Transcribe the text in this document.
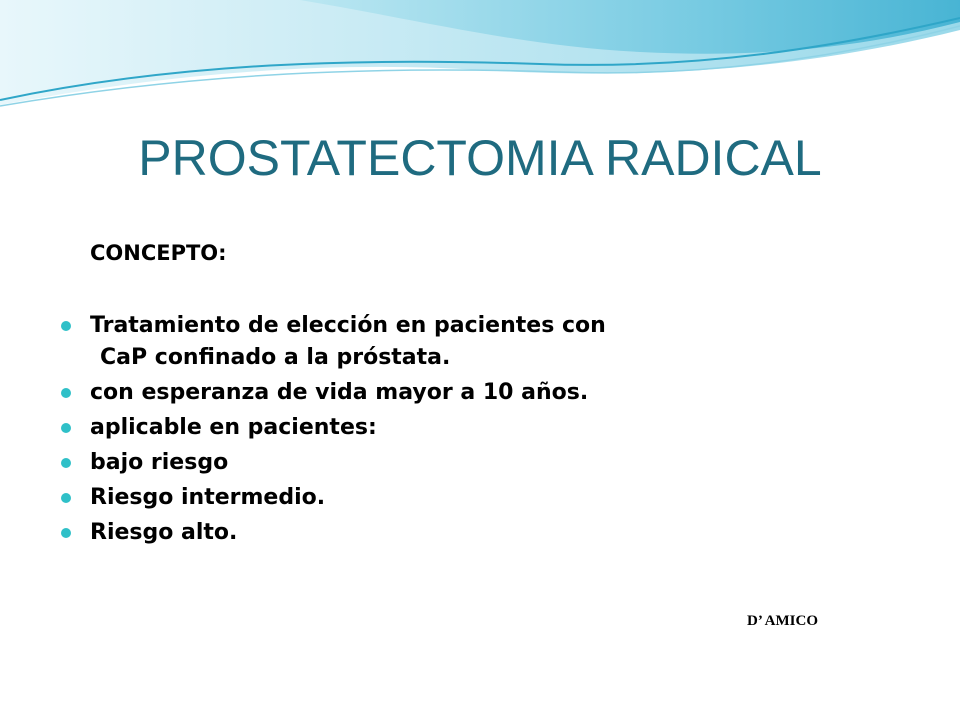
PROSTATECTOMIA RADICAL
CONCEPTO:
Tratamiento de elección en pacientes con
CaP confinado a la próstata.
con esperanza de vida mayor a 10 años.
aplicable en pacientes:
bajo riesgo
Riesgo intermedio.
Riesgo alto.
D’ AMICO
